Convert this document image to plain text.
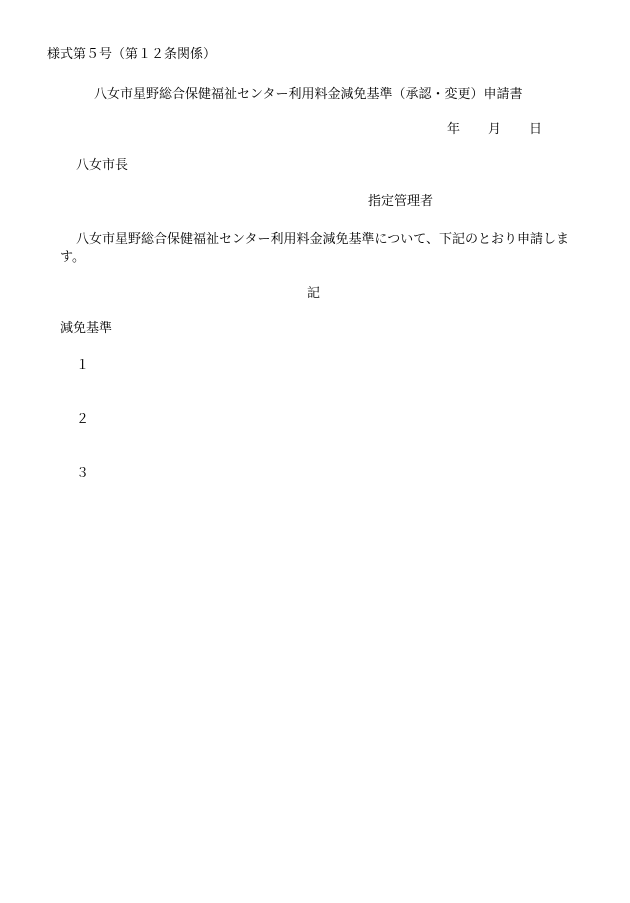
様式第５号（第１２条関係）
八女市星野総合保健福祉センター利用料金減免基準（承認・変更）申請書
年 月 日
八女市長
指定管理者
八女市星野総合保健福祉センター利用料金減免基準について、下記のとおり申請しま
す。
記
減免基準
１
２
３
